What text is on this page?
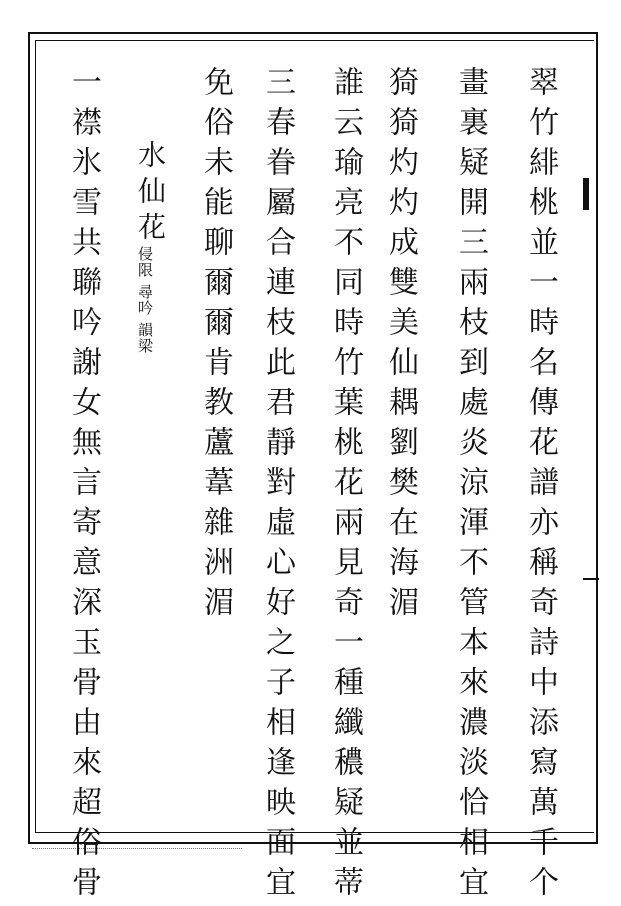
翠竹緋桃並一時名傳花譜亦稱奇詩中添寫萬千个
畫裏疑開三兩枝到處炎涼渾不管本來濃淡恰相宜
猗猗灼灼成雙美仙耦劉樊在海湄
誰云瑜亮不同時竹葉桃花兩見奇一種纖穠疑並蒂
三春眷屬合連枝此君靜對虛心好之子相逢映面宜
免俗未能聊爾爾肯教蘆葦雜洲湄
水仙花
侵限
尋吟
韻梁
一襟氷雪共聯吟謝女無言寄意深玉骨由來超俗骨
